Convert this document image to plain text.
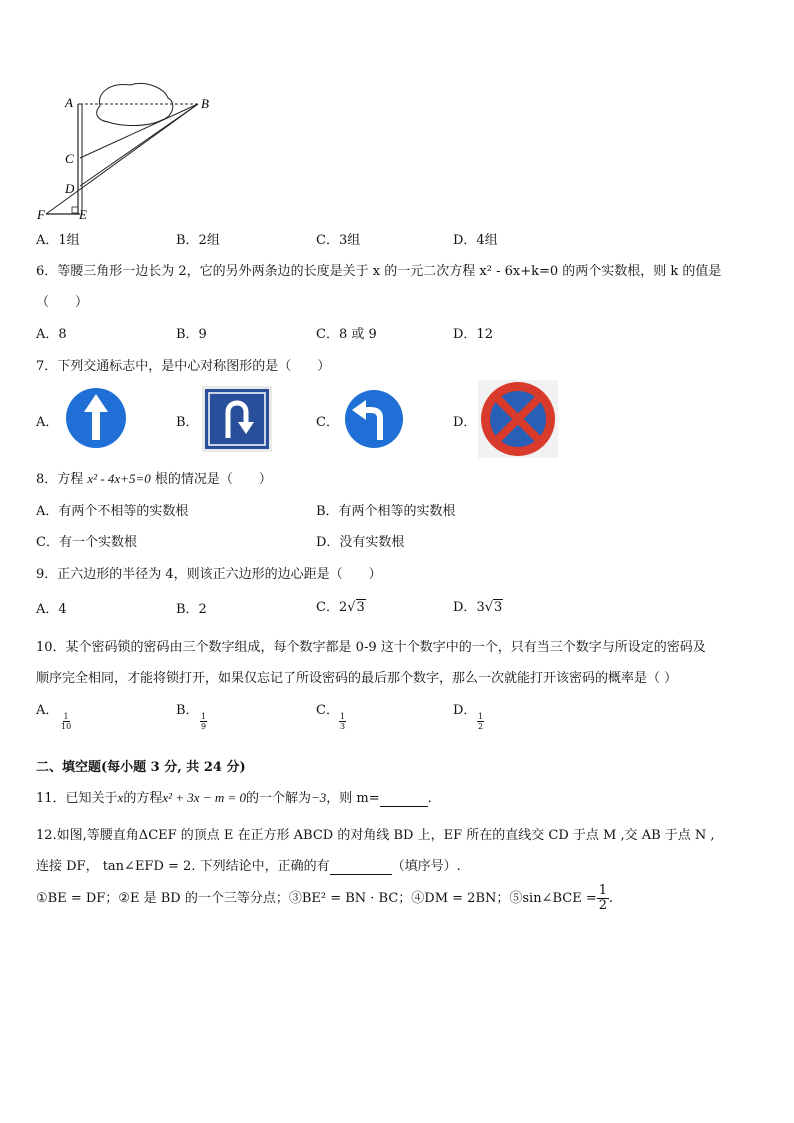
A	B
C
D
E
F
A．1组	B．2组	C．3组	D．4组
6．等腰三角形一边长为 2，它的另外两条边的长度是关于 x 的一元二次方程 x² - 6x+k=0 的两个实数根，则 k 的值是
（　　）
A．8	B．9	C．8 或 9	D．12
7．下列交通标志中，是中心对称图形的是（　　）
A．	B．	C．	D．
8．方程 x² - 4x+5=0 根的情况是（　　）
A．有两个不相等的实数根	B．有两个相等的实数根
C．有一个实数根	D．没有实数根
9．正六边形的半径为 4，则该正六边形的边心距是（　　）
A．4	B．2	C．2√3	D．3√3
10．某个密码锁的密码由三个数字组成，每个数字都是 0-9 这十个数字中的一个，只有当三个数字与所设定的密码及
顺序完全相同，才能将锁打开，如果仅忘记了所设密码的最后那个数字，那么一次就能打开该密码的概率是（ ）
A．
$\frac{1}{10}$
B．
$\frac{1}{9}$
C．
$\frac{1}{3}$
D．
$\frac{1}{2}$
二、填空题(每小题 3 分, 共 24 分)
11．已知关于x的方程x² + 3x − m = 0的一个解为−3，则 m=	．
12.如图,等腰直角ΔCEF 的顶点 E 在正方形 ABCD 的对角线 BD 上，EF 所在的直线交 CD 于点 M ,交 AB 于点 N ,
连接 DF， tan∠EFD = 2. 下列结论中，正确的有	（填序号）.
①BE = DF；②E 是 BD 的一个三等分点；③BE² = BN · BC；④DM = 2BN；⑤sin∠BCE = $\frac{1}{2}$ .
